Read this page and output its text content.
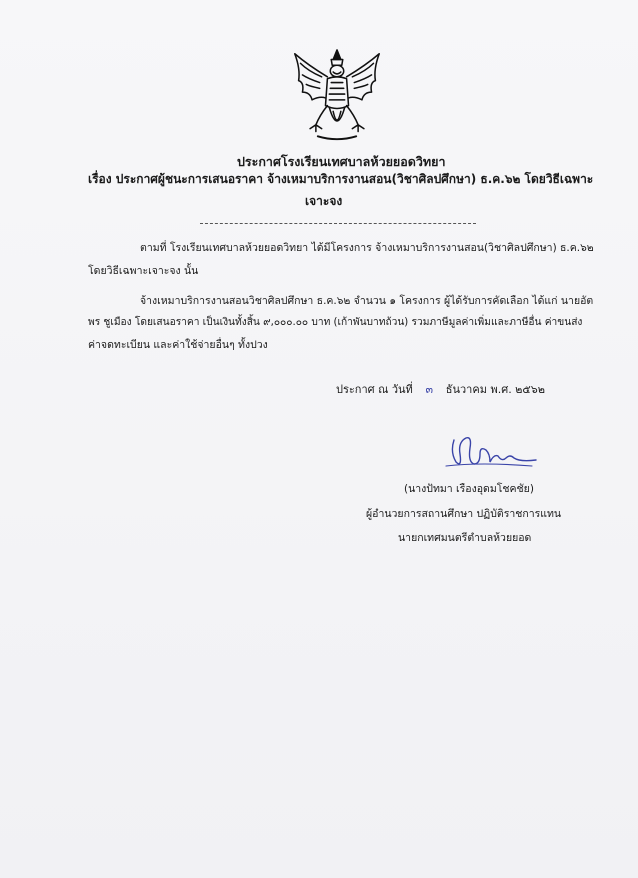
ประกาศโรงเรียนเทศบาลห้วยยอดวิทยา
เรื่อง ประกาศผู้ชนะการเสนอราคา จ้างเหมาบริการงานสอน(วิชาศิลปศึกษา) ธ.ค.๖๒ โดยวิธีเฉพาะ
เจาะจง
ตามที่ โรงเรียนเทศบาลห้วยยอดวิทยา ได้มีโครงการ จ้างเหมาบริการงานสอน(วิชาศิลปศึกษา) ธ.ค.๖๒
โดยวิธีเฉพาะเจาะจง นั้น
จ้างเหมาบริการงานสอนวิชาศิลปศึกษา ธ.ค.๖๒ จำนวน ๑ โครงการ ผู้ได้รับการคัดเลือก ได้แก่ นายอัต
พร ชูเมือง โดยเสนอราคา เป็นเงินทั้งสิ้น ๙,๐๐๐.๐๐ บาท (เก้าพันบาทถ้วน) รวมภาษีมูลค่าเพิ่มและภาษีอื่น ค่าขนส่ง
ค่าจดทะเบียน และค่าใช้จ่ายอื่นๆ ทั้งปวง
ประกาศ ณ วันที่ ๓ ธันวาคม พ.ศ. ๒๕๖๒
(นางปัทมา เรืองอุดมโชคชัย)
ผู้อำนวยการสถานศึกษา ปฏิบัติราชการแทน
นายกเทศมนตรีตำบลห้วยยอด
